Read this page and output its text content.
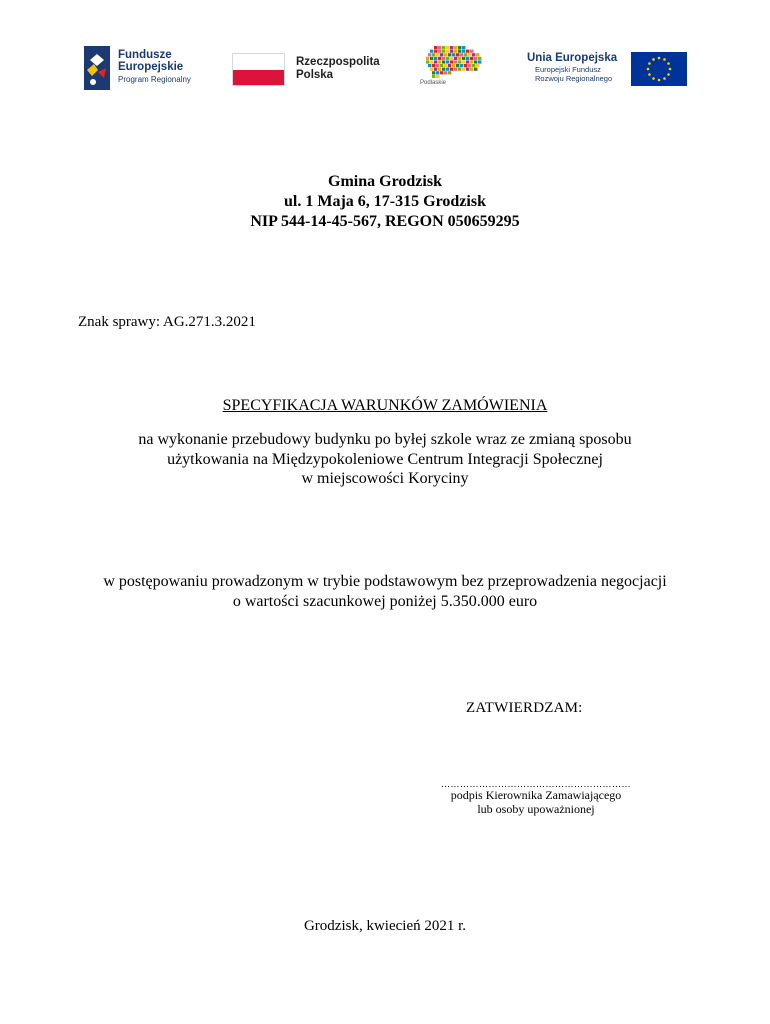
Fundusze
Europejskie
Program Regionalny
Rzeczpospolita
Polska
Podlaskie
Unia Europejska
Europejski Fundusz
Rozwoju Regionalnego
Gmina Grodzisk
ul. 1 Maja 6, 17-315 Grodzisk
NIP 544-14-45-567, REGON 050659295
Znak sprawy: AG.271.3.2021
SPECYFIKACJA WARUNKÓW ZAMÓWIENIA
na wykonanie przebudowy budynku po byłej szkole wraz ze zmianą sposobu
użytkowania na Międzypokoleniowe Centrum Integracji Społecznej
w miejscowości Koryciny
w postępowaniu prowadzonym w trybie podstawowym bez przeprowadzenia negocjacji
o wartości szacunkowej poniżej 5.350.000 euro
ZATWIERDZAM:
……………………………………………………
podpis Kierownika Zamawiającego
lub osoby upoważnionej
Grodzisk, kwiecień 2021 r.
